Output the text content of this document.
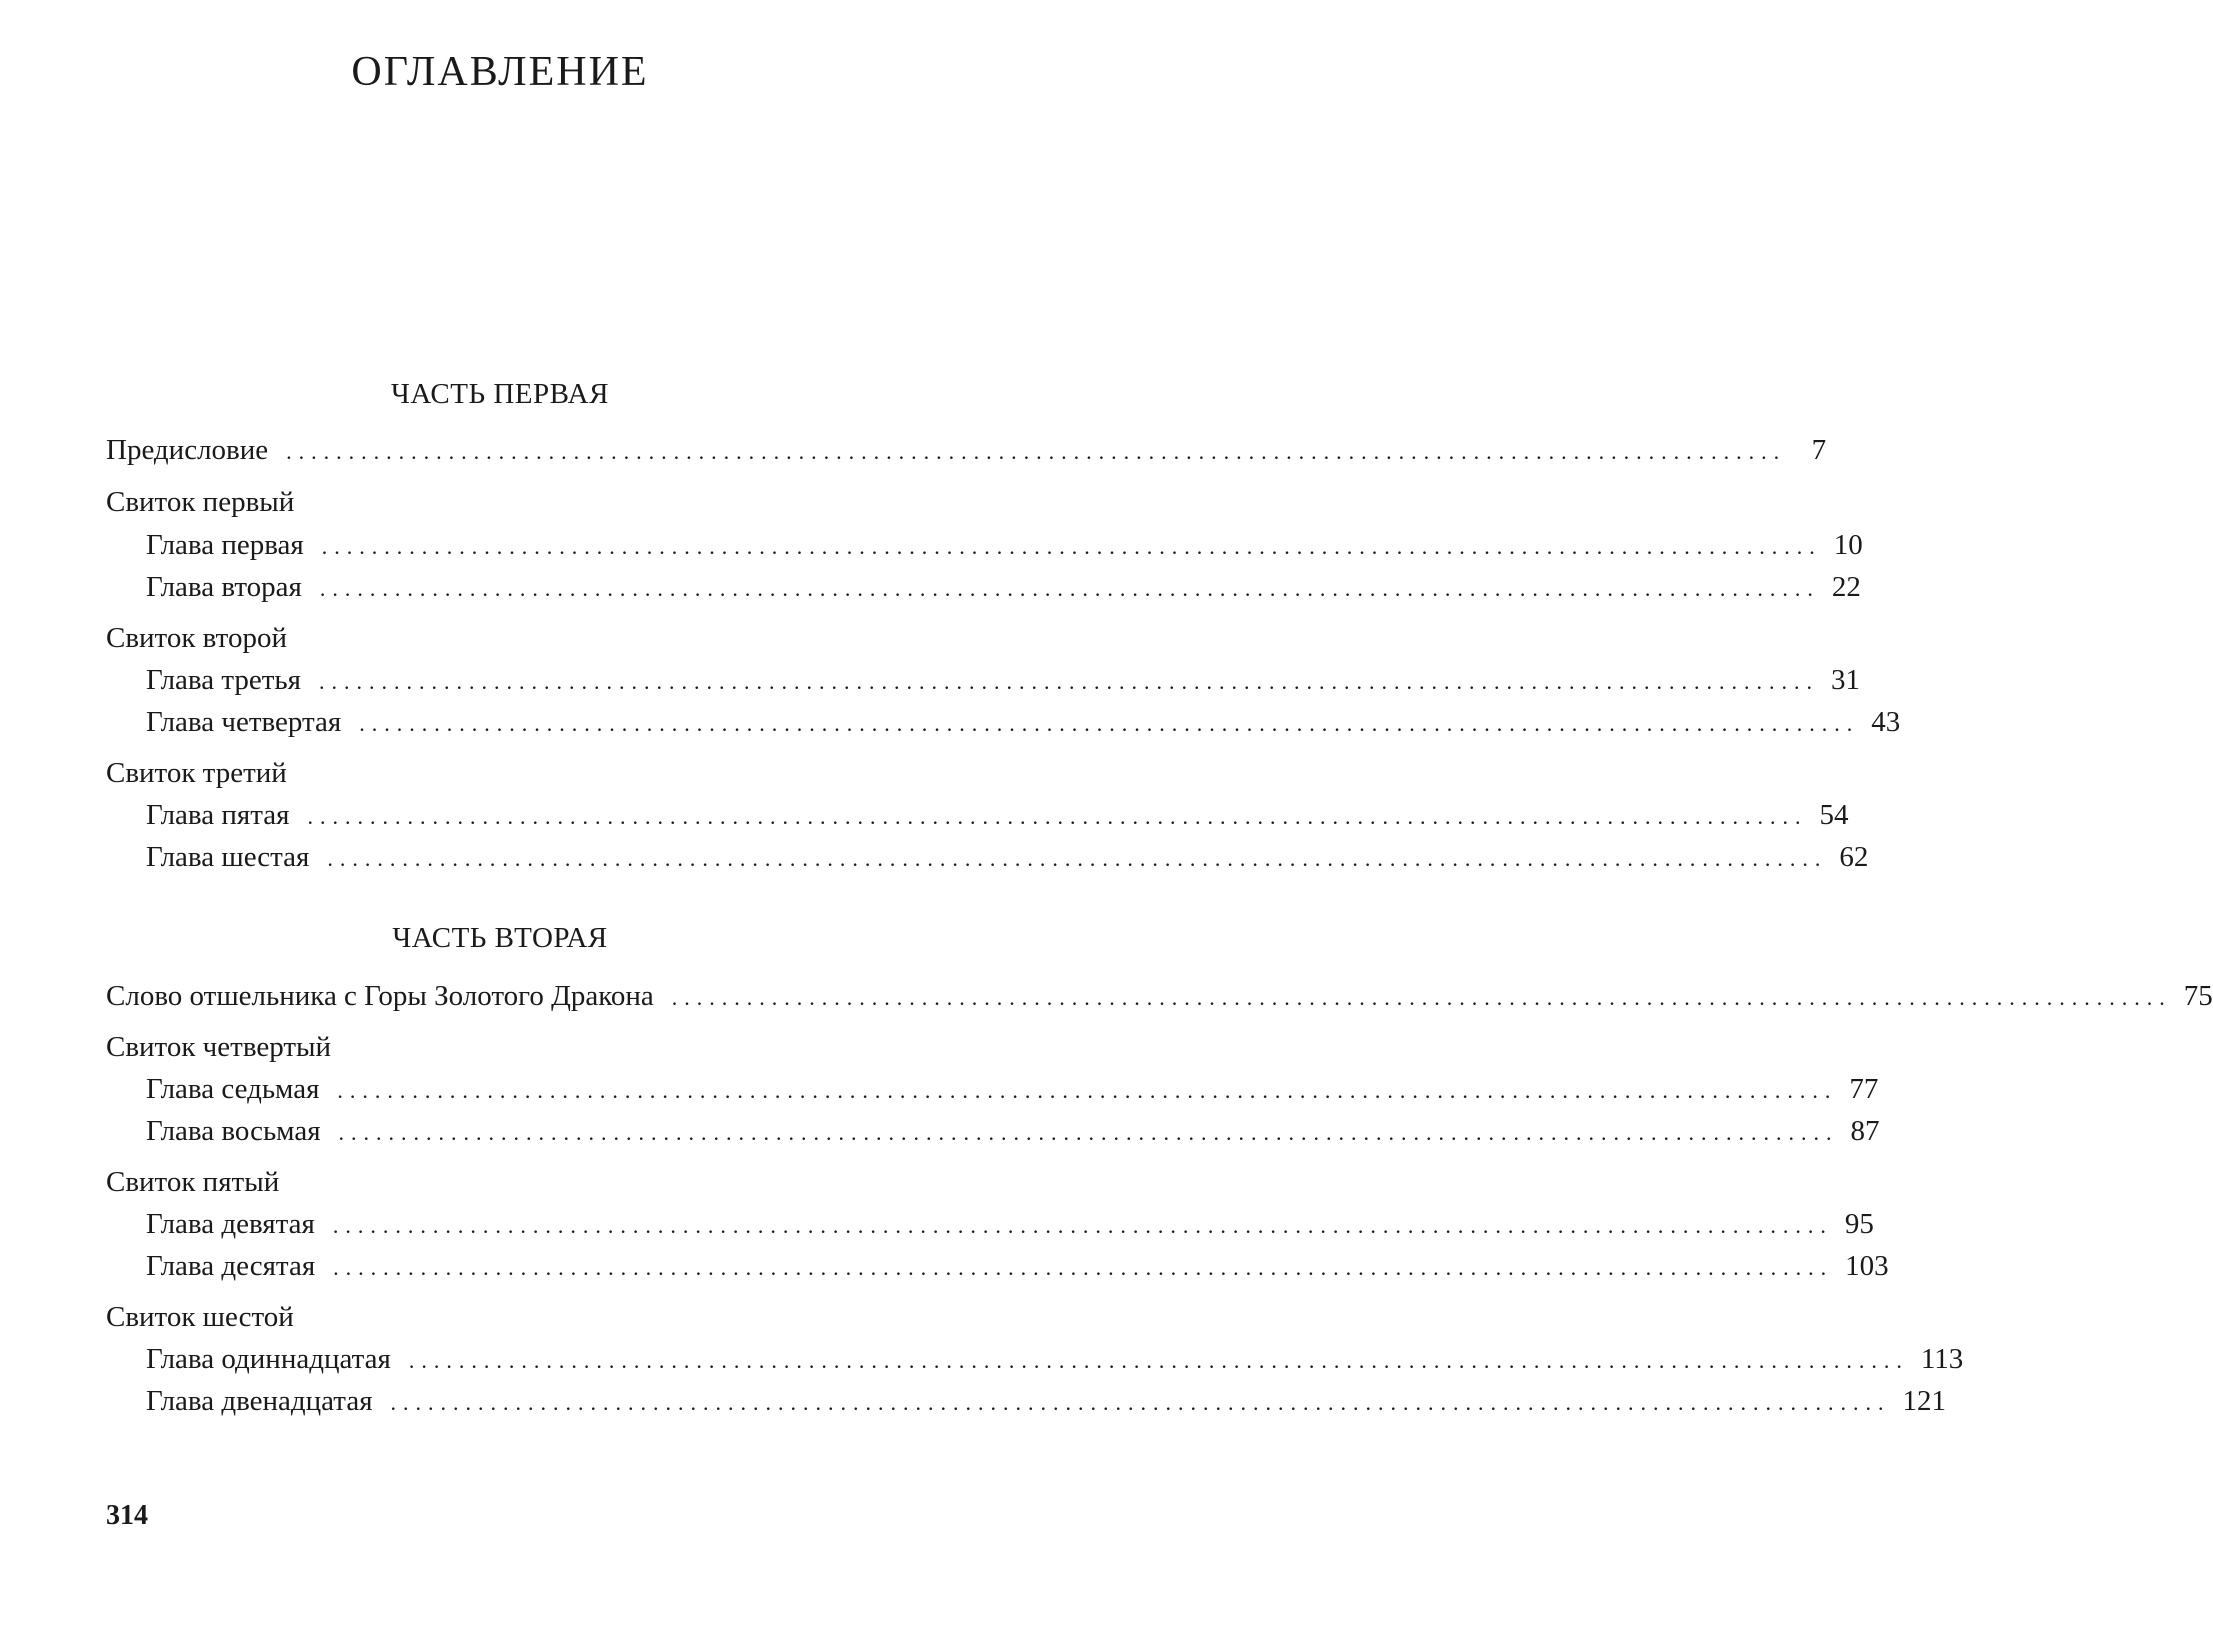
ОГЛАВЛЕНИЕ
ЧАСТЬ ПЕРВАЯ
Предисловие ........................................................................................................................ 7
Свиток первый
Глава первая ........................................................................................................................ 10
Глава вторая ........................................................................................................................ 22
Свиток второй
Глава третья ........................................................................................................................ 31
Глава четвертая ........................................................................................................................ 43
Свиток третий
Глава пятая ........................................................................................................................ 54
Глава шестая ........................................................................................................................ 62
ЧАСТЬ ВТОРАЯ
Слово отшельника с Горы Золотого Дракона ........................................................................................................................ 75
Свиток четвертый
Глава седьмая ........................................................................................................................ 77
Глава восьмая ........................................................................................................................ 87
Свиток пятый
Глава девятая ........................................................................................................................ 95
Глава десятая ........................................................................................................................ 103
Свиток шестой
Глава одиннадцатая ........................................................................................................................ 113
Глава двенадцатая ........................................................................................................................ 121
314
